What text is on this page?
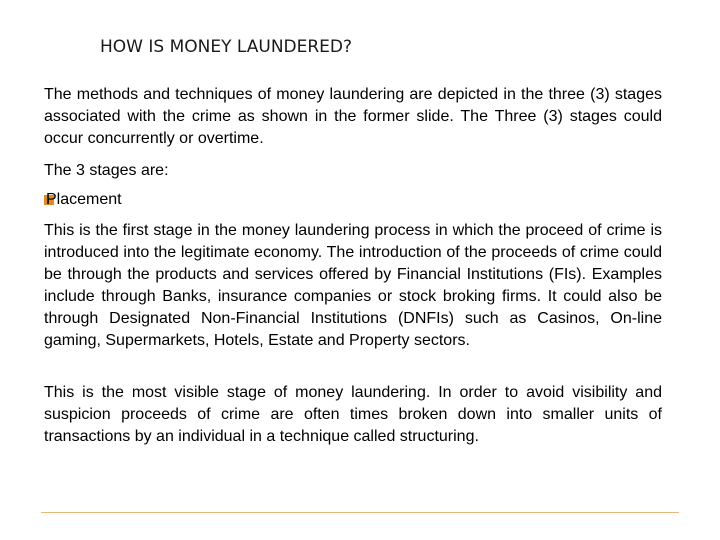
HOW IS MONEY LAUNDERED?
The methods and techniques of money laundering are depicted in the three (3) stages associated with the crime as shown in the former slide. The Three (3) stages could occur concurrently or overtime.
The 3 stages are:
Placement
This is the first stage in the money laundering process in which the proceed of crime is introduced into the legitimate economy. The introduction of the proceeds of crime could be through the products and services offered by Financial Institutions (FIs). Examples include through Banks, insurance companies or stock broking firms. It could also be through Designated Non-Financial Institutions (DNFIs) such as Casinos, On-line gaming, Supermarkets, Hotels, Estate and Property sectors.
This is the most visible stage of money laundering. In order to avoid visibility and suspicion proceeds of crime are often times broken down into smaller units of transactions by an individual in a technique called structuring.
